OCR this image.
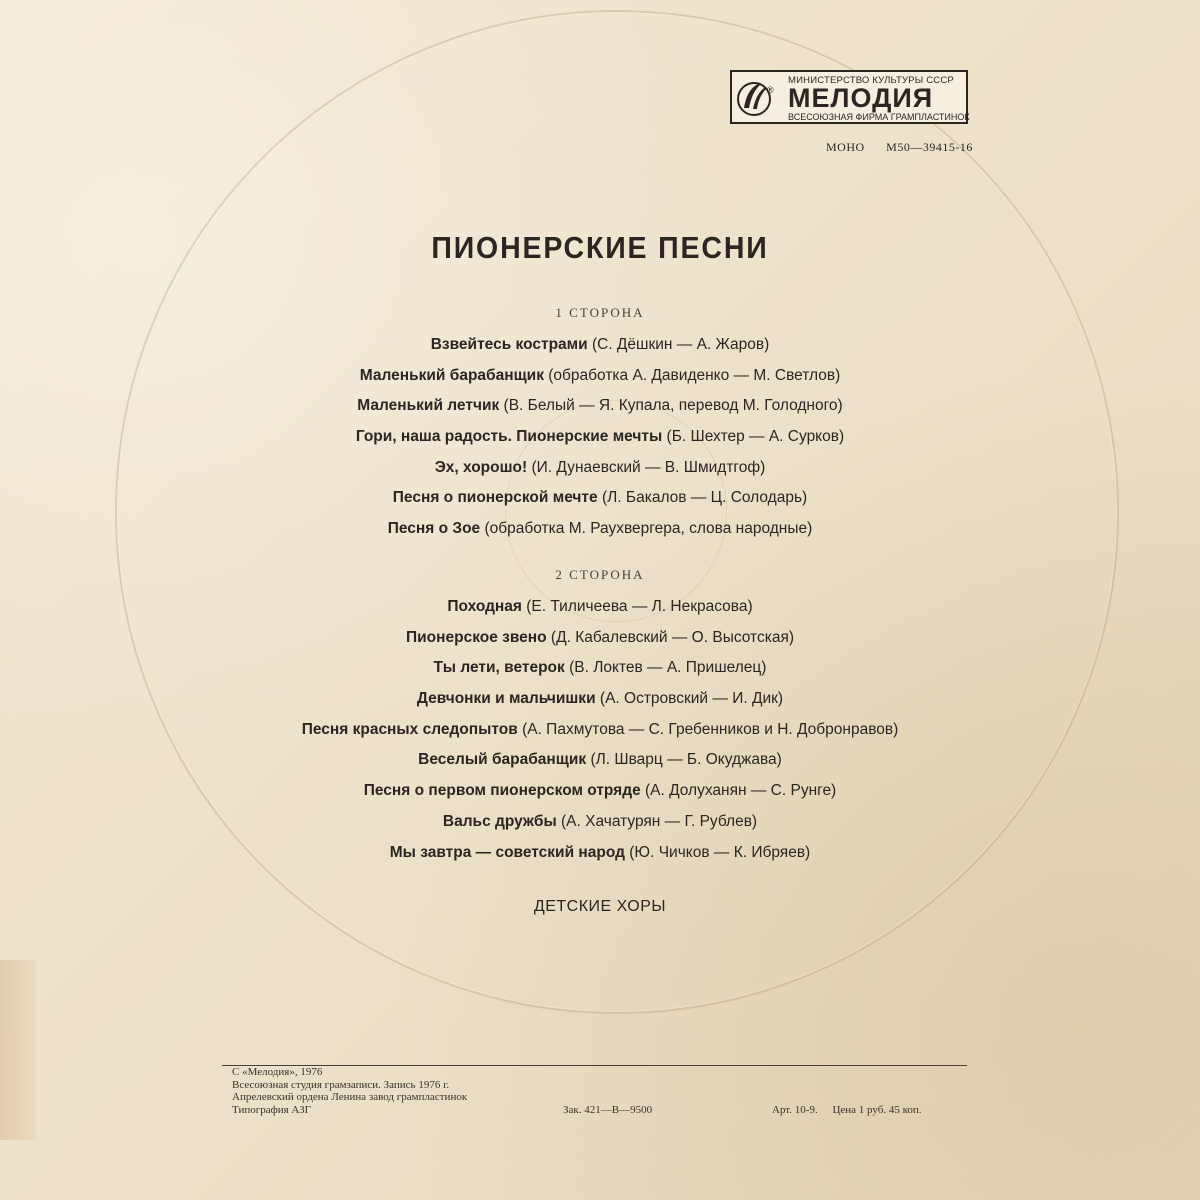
®
МИНИСТЕРСТВО КУЛЬТУРЫ СССР
МЕЛОДИЯ
ВСЕСОЮЗНАЯ ФИРМА ГРАМПЛАСТИНОК
МОНО М50—39415-16
ПИОНЕРСКИЕ ПЕСНИ
1 СТОРОНА
Взвейтесь кострами (С. Дёшкин — А. Жаров)
Маленький барабанщик (обработка А. Давиденко — М. Светлов)
Маленький летчик (В. Белый — Я. Купала, перевод М. Голодного)
Гори, наша радость. Пионерские мечты (Б. Шехтер — А. Сурков)
Эх, хорошо! (И. Дунаевский — В. Шмидтгоф)
Песня о пионерской мечте (Л. Бакалов — Ц. Солодарь)
Песня о Зое (обработка М. Раухвергера, слова народные)
2 СТОРОНА
Походная (Е. Тиличеева — Л. Некрасова)
Пионерское звено (Д. Кабалевский — О. Высотская)
Ты лети, ветерок (В. Локтев — А. Пришелец)
Девчонки и мальчишки (А. Островский — И. Дик)
Песня красных следопытов (А. Пахмутова — С. Гребенников и Н. Добронравов)
Веселый барабанщик (Л. Шварц — Б. Окуджава)
Песня о первом пионерском отряде (А. Долуханян — С. Рунге)
Вальс дружбы (А. Хачатурян — Г. Рублев)
Мы завтра — советский народ (Ю. Чичков — К. Ибряев)
ДЕТСКИЕ ХОРЫ
С «Мелодия», 1976
Всесоюзная студия грамзаписи. Запись 1976 г.
Апрелевский ордена Ленина завод грампластинок
Типография АЗГ	Зак. 421—В—9500	Арт. 10-9. Цена 1 руб. 45 коп.
